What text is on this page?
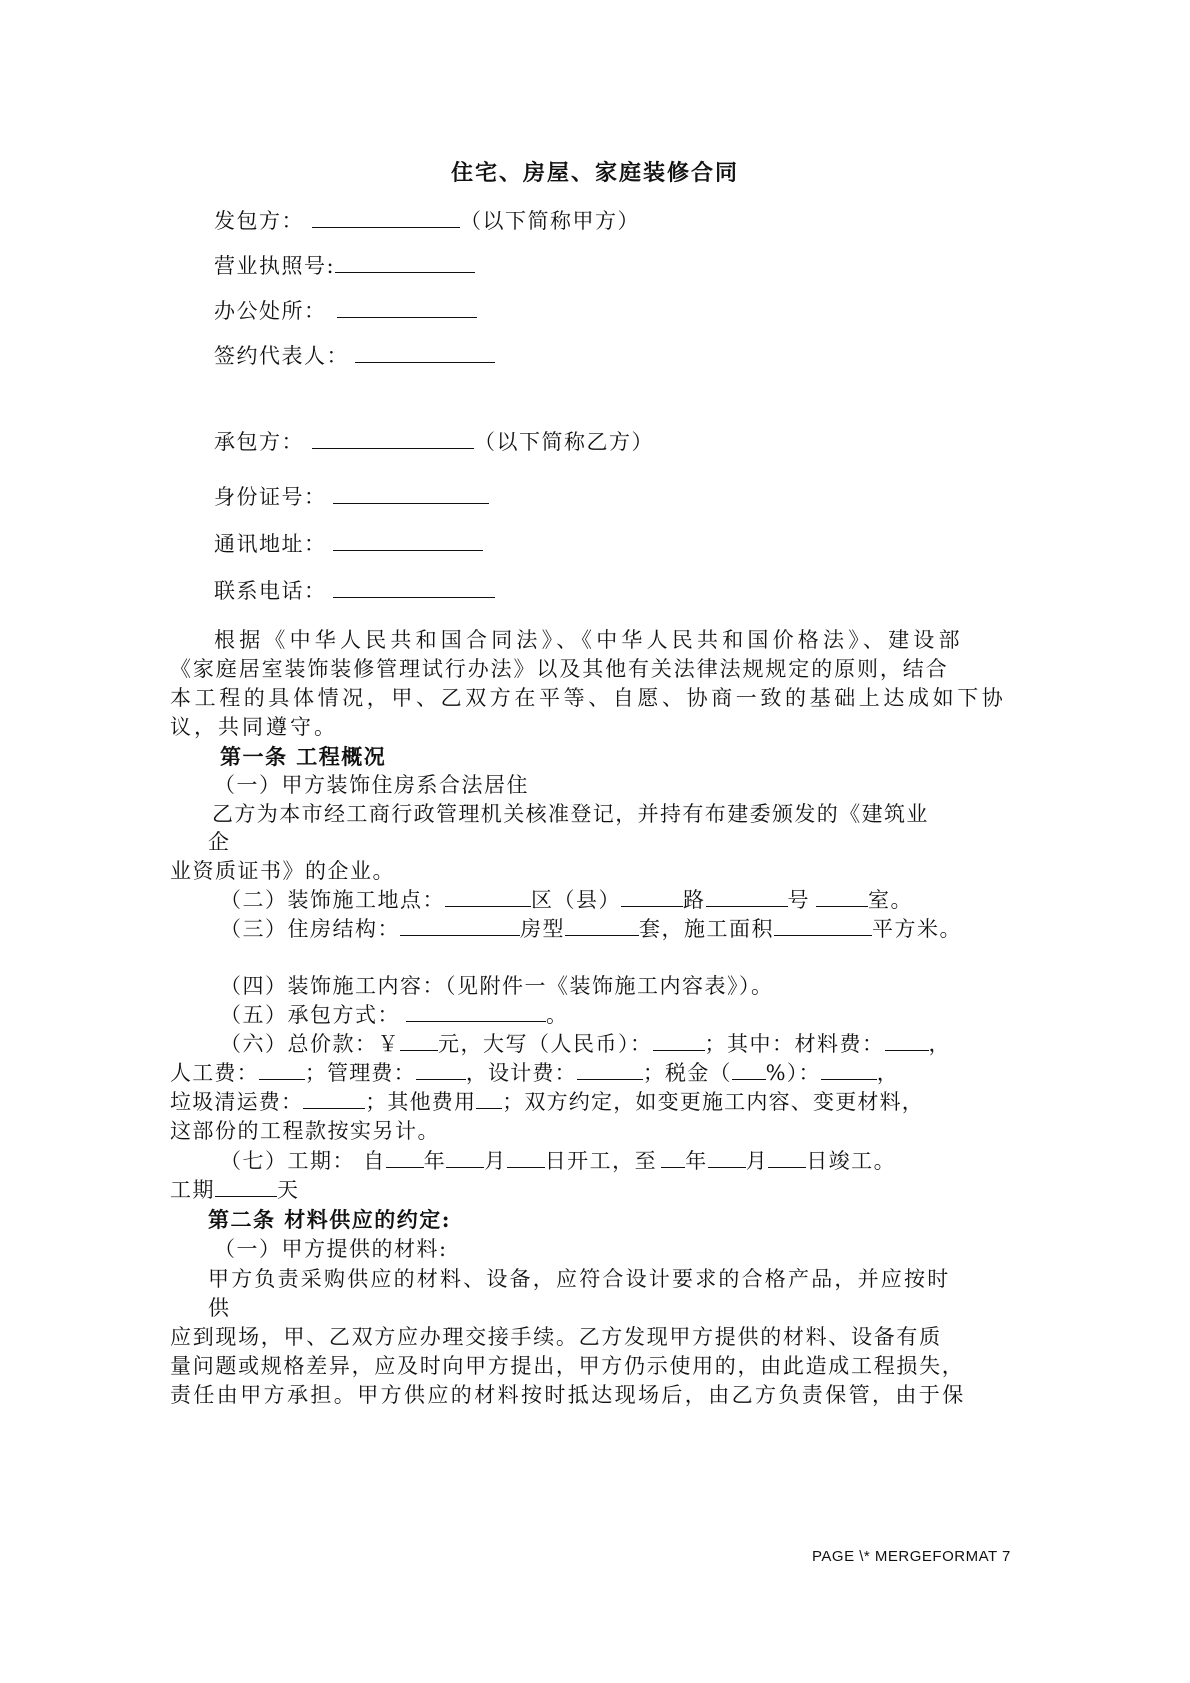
住宅、房屋、家庭装修合同
发包方：	（以下简称甲方）
营业执照号:
办公处所：
签约代表人：
承包方：	（以下简称乙方）
身份证号：
通讯地址：
联系电话：
根据《中华人民共和国合同法》、《中华人民共和国价格法》、建设部
《家庭居室装饰装修管理试行办法》以及其他有关法律法规规定的原则，结合
本工程的具体情况，甲、乙双方在平等、自愿、协商一致的基础上达成如下协
议，共同遵守。
第一条 工程概况
（一）甲方装饰住房系合法居住
乙方为本市经工商行政管理机关核准登记，并持有布建委颁发的《建筑业
企
业资质证书》的企业。
（二）装饰施工地点：	区（县）	路	号	室。
（三）住房结构：	房型	套，施工面积	平方米。
（四）装饰施工内容：（见附件一《装饰施工内容表》）。
（五）承包方式：	。
（六）总价款：￥ 元，大写（人民币）： ；其中：材料费： ，
人工费： ；管理费： ，设计费：	；税金（ %）：	，
垃圾清运费：	；其他费用 ；双方约定，如变更施工内容、变更材料，
这部份的工程款按实另计。
（七）工期： 自 年 月 日开工，至 年 月 日竣工。
工期	天
第二条 材料供应的约定:
（一）甲方提供的材料:
甲方负责采购供应的材料、设备，应符合设计要求的合格产品，并应按时
供
应到现场，甲、乙双方应办理交接手续。乙方发现甲方提供的材料、设备有质
量问题或规格差异，应及时向甲方提出，甲方仍示使用的，由此造成工程损失，
责任由甲方承担。甲方供应的材料按时抵达现场后，由乙方负责保管，由于保
PAGE \* MERGEFORMAT 7
